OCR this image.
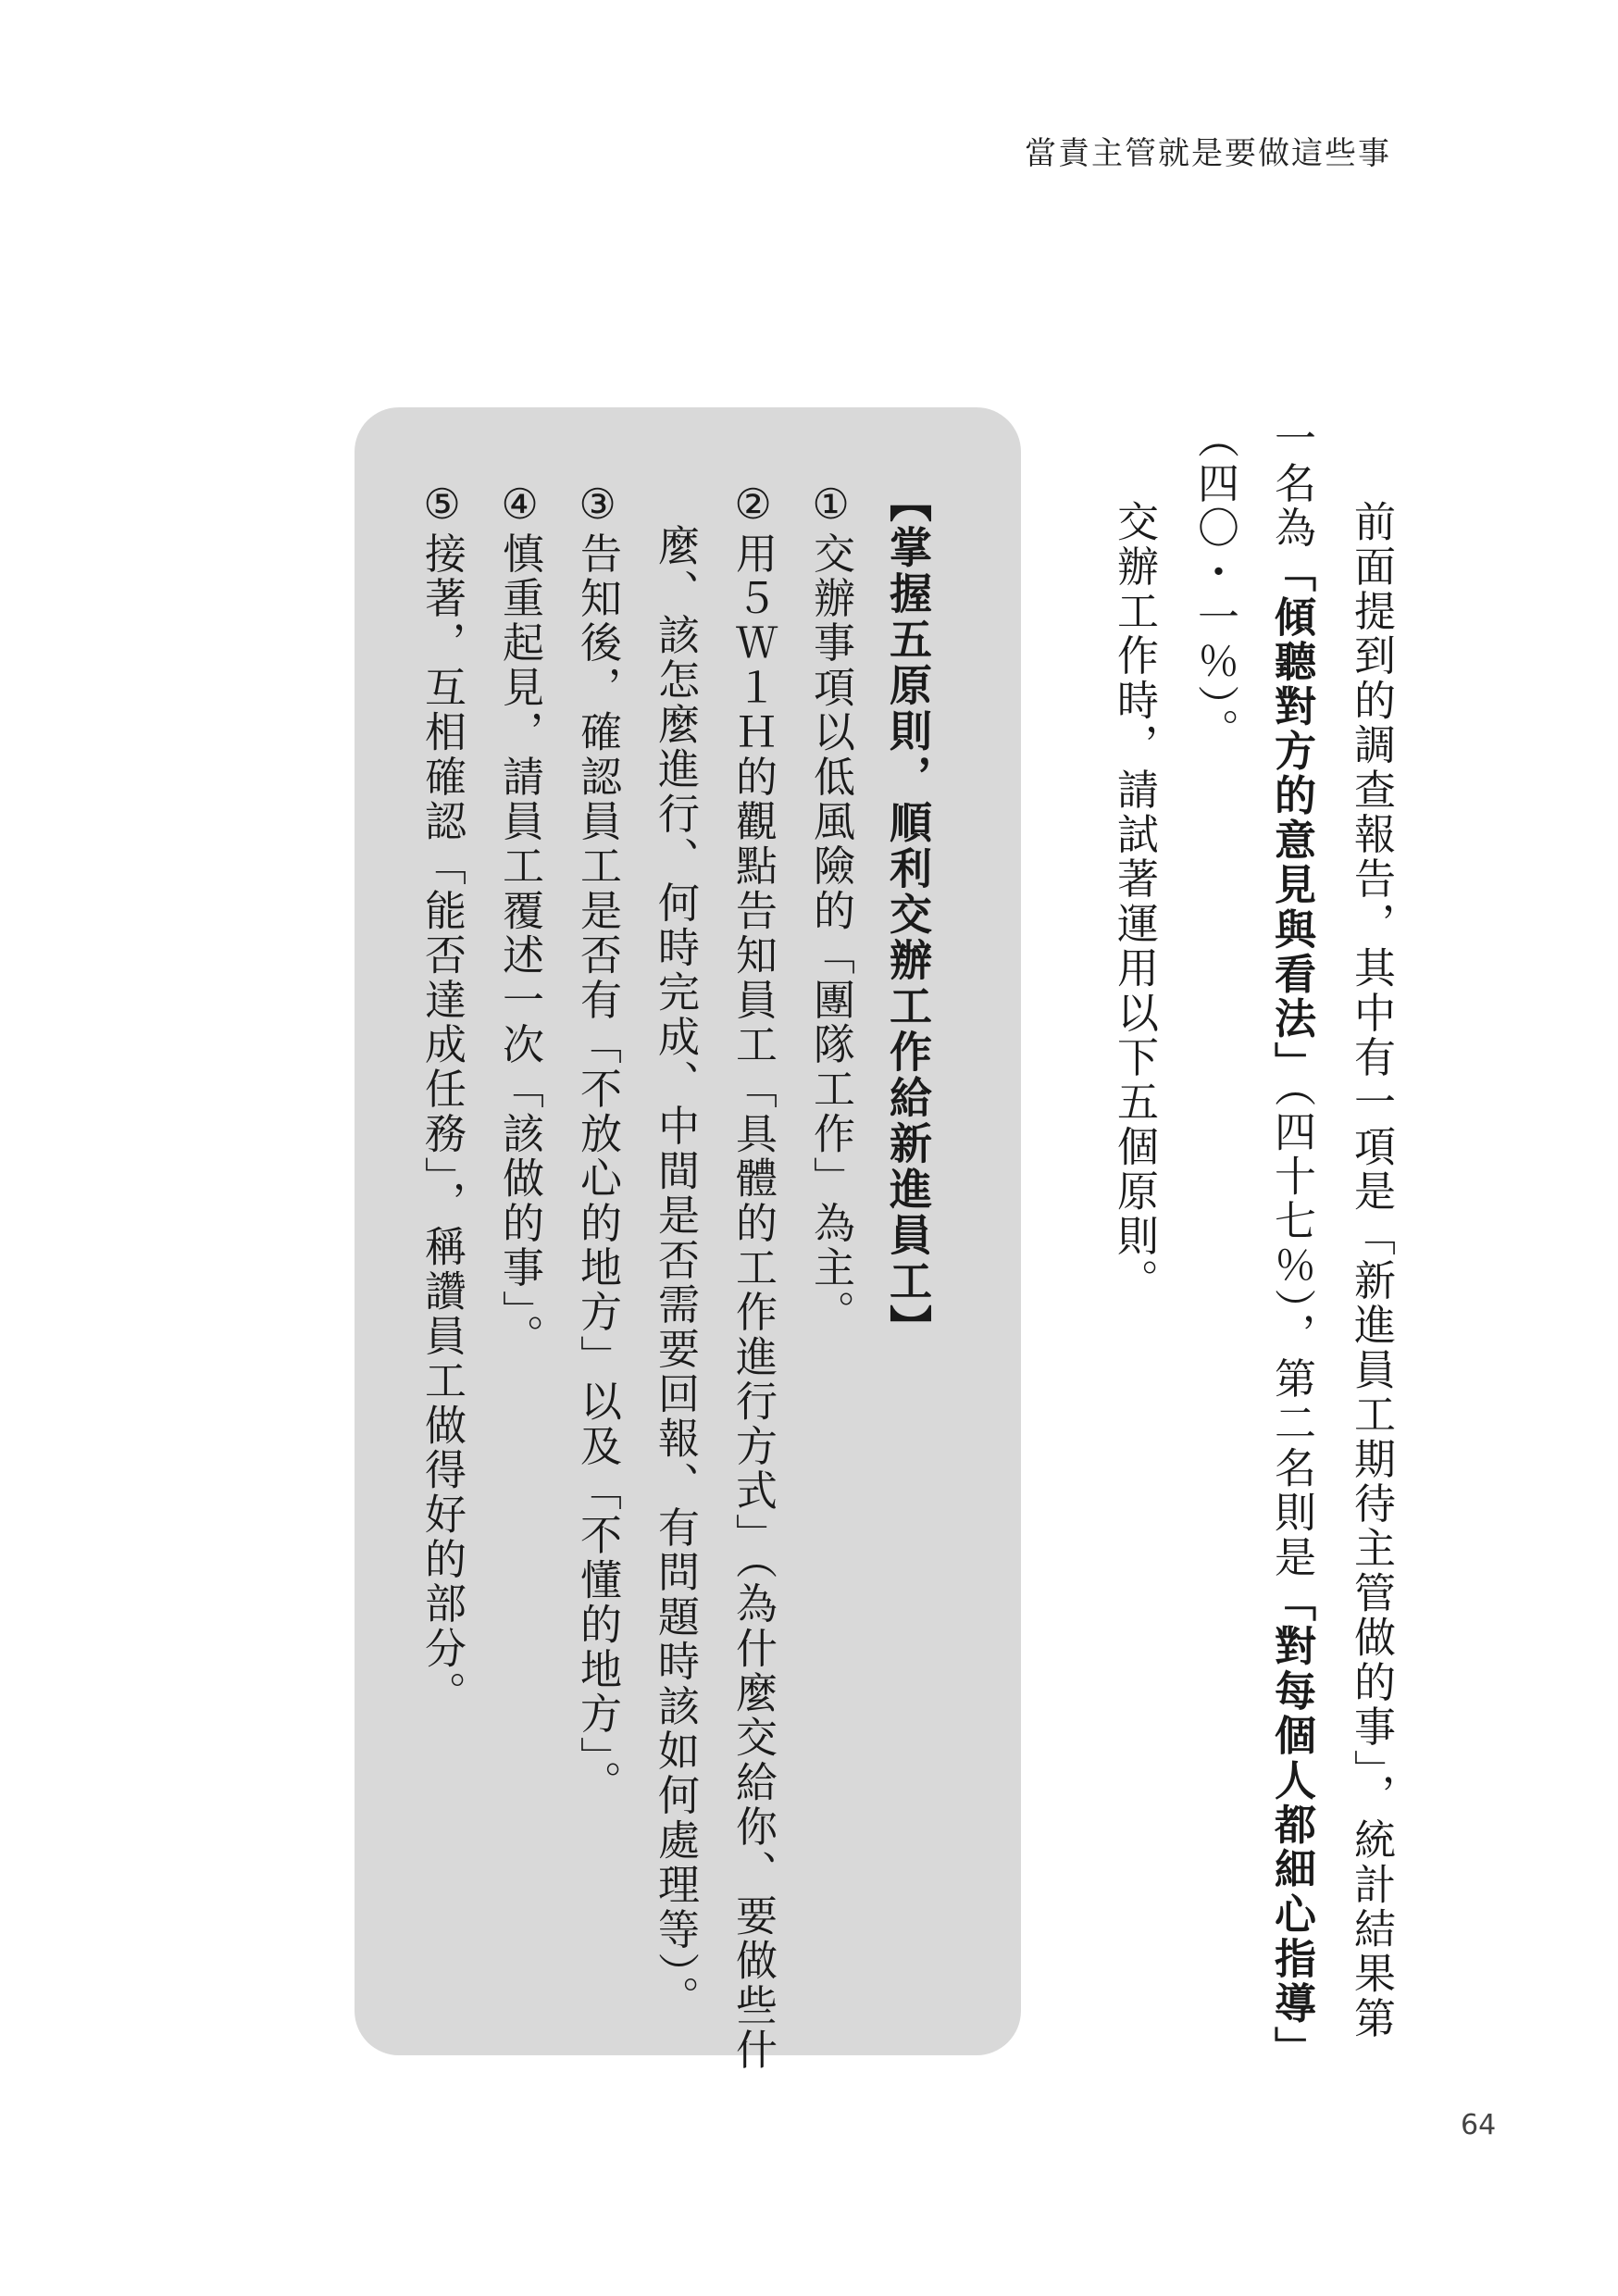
當責主管就是要做這些事
前面提到的調查報告，其中有一項是「新進員工期待主管做的事」，統計結果第
一名為「傾聽對方的意見與看法」（四十七％），第二名則是「對每個人都細心指導」
（四〇・一％）。
交辦工作時，請試著運用以下五個原則。
【掌握五原則，順利交辦工作給新進員工】
①交辦事項以低風險的「團隊工作」為主。
②用５Ｗ１Ｈ的觀點告知員工「具體的工作進行方式」（為什麼交給你、要做些什
麼、該怎麼進行、何時完成、中間是否需要回報、有問題時該如何處理等）。
③告知後，確認員工是否有「不放心的地方」以及「不懂的地方」。
④慎重起見，請員工覆述一次「該做的事」。
⑤接著，互相確認「能否達成任務」，稱讚員工做得好的部分。
64
